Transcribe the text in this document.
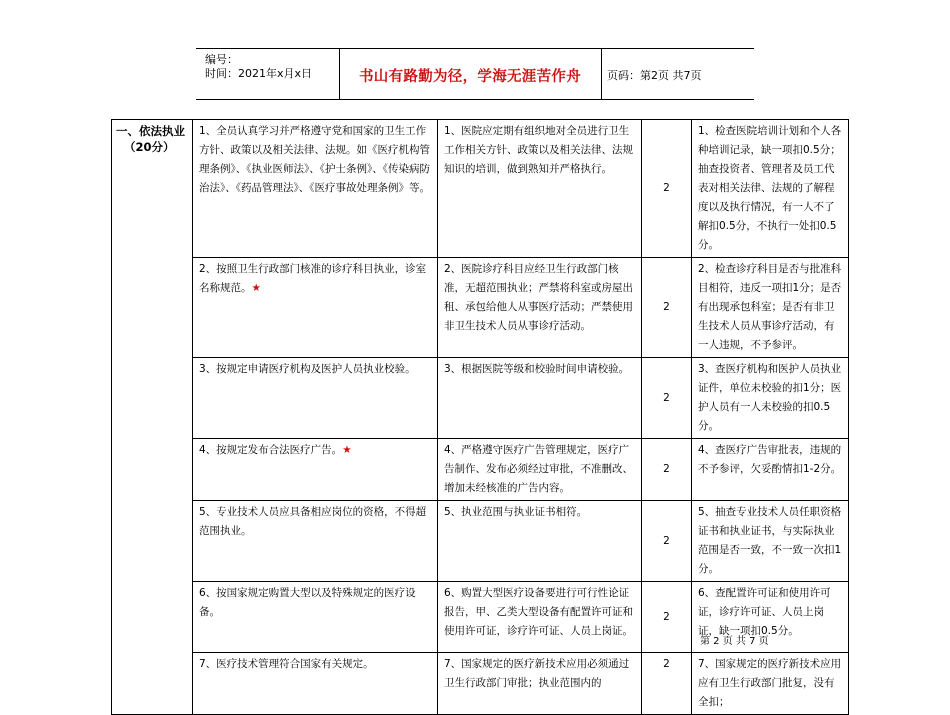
编号：
时间：2021年x月x日	书山有路勤为径，学海无涯苦作舟	页码：第2页 共7页
一、依法执业
（20分）	1、全员认真学习并严格遵守党和国家的卫生工作方针、政策以及相关法律、法规。如《医疗机构管理条例》、《执业医师法》、《护士条例》、《传染病防治法》、《药品管理法》、《医疗事故处理条例》等。	1、医院应定期有组织地对全员进行卫生工作相关方针、政策以及相关法律、法规知识的培训，做到熟知并严格执行。	2	1、检查医院培训计划和个人各种培训记录，缺一项扣0.5分；抽查投资者、管理者及员工代表对相关法律、法规的了解程度以及执行情况，有一人不了解扣0.5分，不执行一处扣0.5分。
	2、按照卫生行政部门核准的诊疗科目执业，诊室名称规范。★	2、医院诊疗科目应经卫生行政部门核准，无超范围执业；严禁将科室或房屋出租、承包给他人从事医疗活动；严禁使用非卫生技术人员从事诊疗活动。	2	2、检查诊疗科目是否与批准科目相符，违反一项扣1分；是否有出现承包科室；是否有非卫生技术人员从事诊疗活动，有一人违规，不予参评。
	3、按规定申请医疗机构及医护人员执业校验。	3、根据医院等级和校验时间申请校验。	2	3、查医疗机构和医护人员执业证件，单位未校验的扣1分；医护人员有一人未校验的扣0.5分。
	4、按规定发布合法医疗广告。★	4、严格遵守医疗广告管理规定，医疗广告制作、发布必须经过审批，不准删改、增加未经核准的广告内容。	2	4、查医疗广告审批表，违规的不予参评，欠妥酌情扣1-2分。
	5、专业技术人员应具备相应岗位的资格，不得超范围执业。	5、执业范围与执业证书相符。	2	5、抽查专业技术人员任职资格证书和执业证书，与实际执业范围是否一致，不一致一次扣1分。
	6、按国家规定购置大型以及特殊规定的医疗设备。	6、购置大型医疗设备要进行可行性论证报告，甲、乙类大型设备有配置许可证和使用许可证，诊疗许可证、人员上岗证。	2	6、查配置许可证和使用许可证，诊疗许可证、人员上岗证，缺一项扣0.5分。
	7、医疗技术管理符合国家有关规定。	7、国家规定的医疗新技术应用必须通过卫生行政部门审批；执业范围内的	2	7、国家规定的医疗新技术应用应有卫生行政部门批复，没有全扣；
第 2 页 共 7 页
